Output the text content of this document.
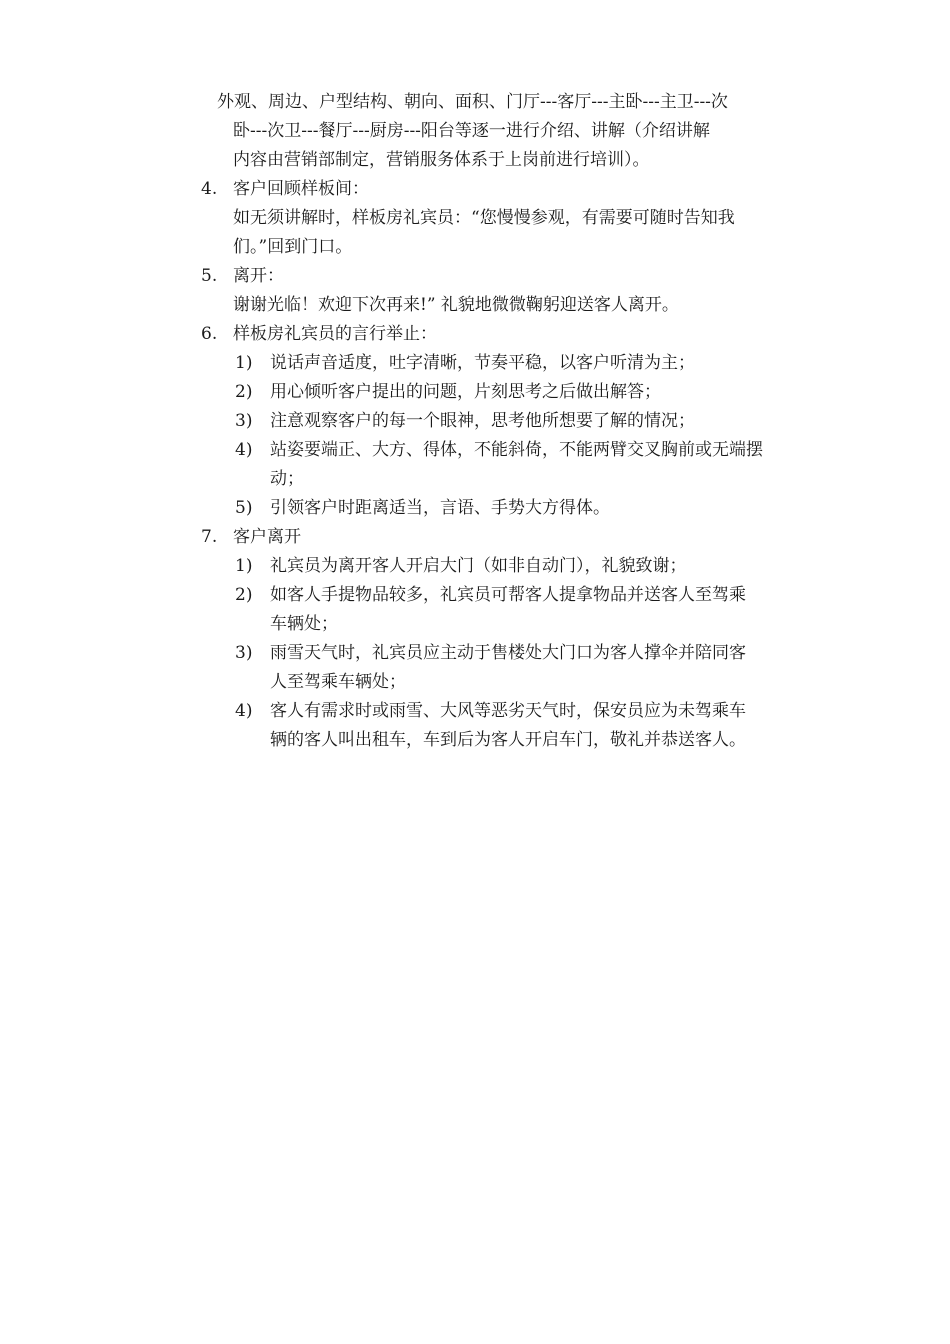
外观、周边、户型结构、朝向、面积、门厅---客厅---主卧---主卫---次
卧---次卫---餐厅---厨房---阳台等逐一进行介绍、讲解（介绍讲解
内容由营销部制定，营销服务体系于上岗前进行培训）。
4. 客户回顾样板间：
如无须讲解时，样板房礼宾员：“您慢慢参观，有需要可随时告知我
们。”回到门口。
5. 离开：
谢谢光临！欢迎下次再来!” 礼貌地微微鞠躬迎送客人离开。
6. 样板房礼宾员的言行举止：
1) 说话声音适度，吐字清晰，节奏平稳，以客户听清为主；
2) 用心倾听客户提出的问题，片刻思考之后做出解答；
3) 注意观察客户的每一个眼神，思考他所想要了解的情况；
4) 站姿要端正、大方、得体，不能斜倚，不能两臂交叉胸前或无端摆
动；
5) 引领客户时距离适当，言语、手势大方得体。
7. 客户离开
1) 礼宾员为离开客人开启大门（如非自动门），礼貌致谢；
2) 如客人手提物品较多，礼宾员可帮客人提拿物品并送客人至驾乘
车辆处；
3) 雨雪天气时，礼宾员应主动于售楼处大门口为客人撑伞并陪同客
人至驾乘车辆处；
4) 客人有需求时或雨雪、大风等恶劣天气时，保安员应为未驾乘车
辆的客人叫出租车，车到后为客人开启车门，敬礼并恭送客人。
